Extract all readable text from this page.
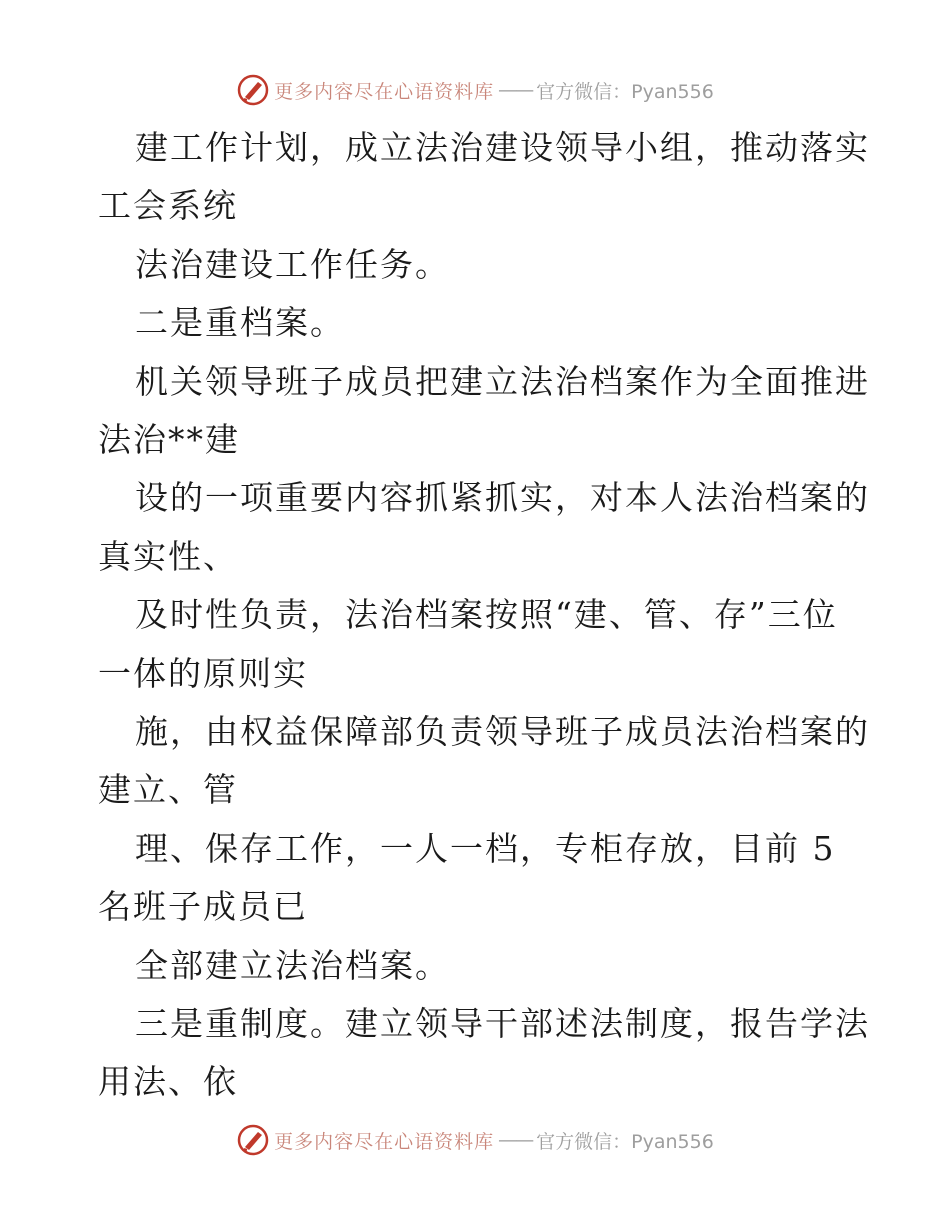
更多内容尽在心语资料库 —— 官方微信：Pyan556
建工作计划，成立法治建设领导小组，推动落实
工会系统
法治建设工作任务。
二是重档案。
机关领导班子成员把建立法治档案作为全面推进
法治**建
设的一项重要内容抓紧抓实，对本人法治档案的
真实性、
及时性负责，法治档案按照“建、管、存”三位
一体的原则实
施，由权益保障部负责领导班子成员法治档案的
建立、管
理、保存工作，一人一档，专柜存放，目前 5
名班子成员已
全部建立法治档案。
三是重制度。建立领导干部述法制度，报告学法
用法、依
更多内容尽在心语资料库 —— 官方微信：Pyan556
